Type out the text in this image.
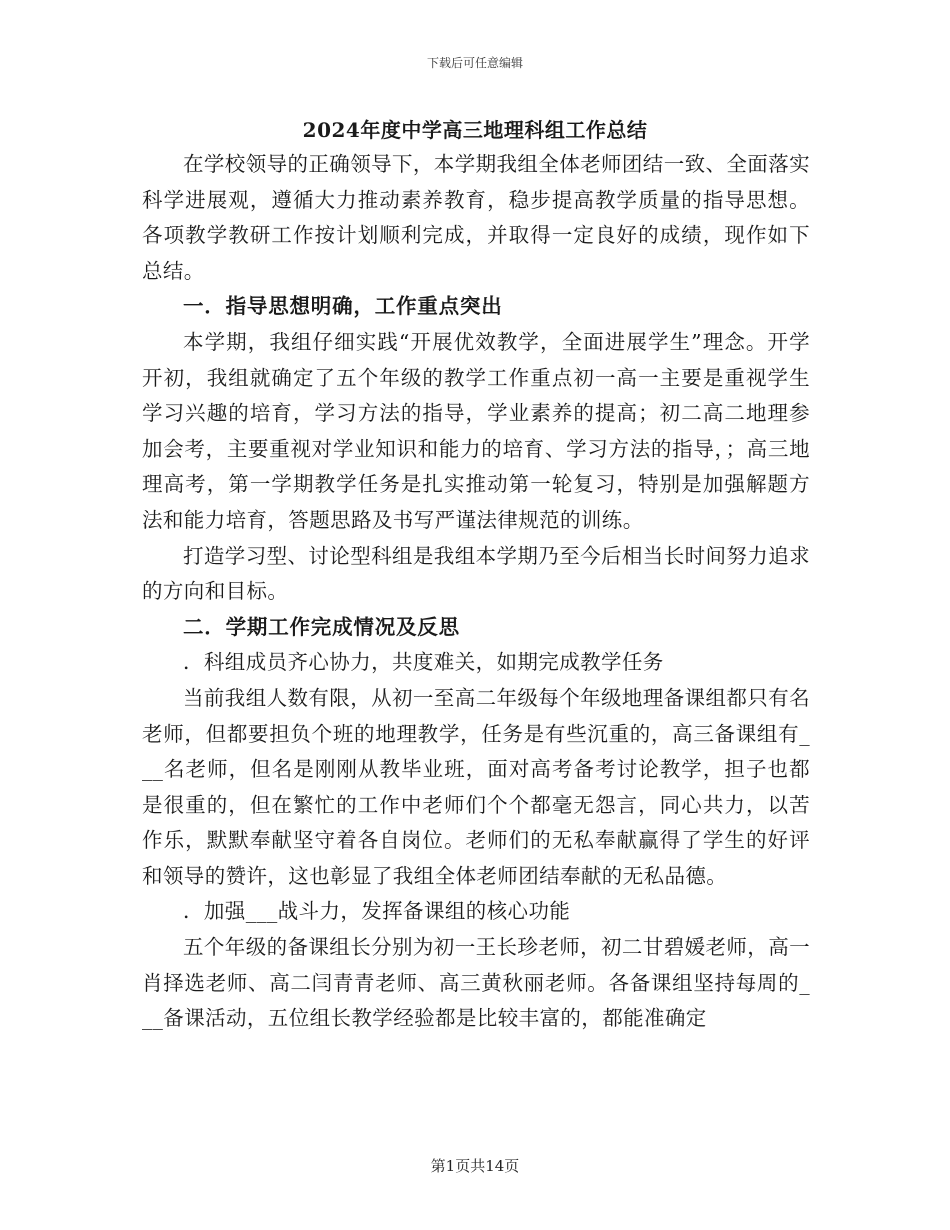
下载后可任意编辑
2024年度中学高三地理科组工作总结

在学校领导的正确领导下，本学期我组全体老师团结一致、全面落实科学进展观，遵循大力推动素养教育，稳步提高教学质量的指导思想。各项教学教研工作按计划顺利完成，并取得一定良好的成绩，现作如下总结。

一．指导思想明确，工作重点突出

本学期，我组仔细实践“开展优效教学，全面进展学生”理念。开学开初，我组就确定了五个年级的教学工作重点初一高一主要是重视学生学习兴趣的培育，学习方法的指导，学业素养的提高；初二高二地理参加会考，主要重视对学业知识和能力的培育、学习方法的指导，；高三地理高考，第一学期教学任务是扎实推动第一轮复习，特别是加强解题方法和能力培育，答题思路及书写严谨法律规范的训练。

打造学习型、讨论型科组是我组本学期乃至今后相当长时间努力追求的方向和目标。

二．学期工作完成情况及反思

．科组成员齐心协力，共度难关，如期完成教学任务

当前我组人数有限，从初一至高二年级每个年级地理备课组都只有名老师，但都要担负个班的地理教学，任务是有些沉重的，高三备课组有___名老师，但名是刚刚从教毕业班，面对高考备考讨论教学，担子也都是很重的，但在繁忙的工作中老师们个个都毫无怨言，同心共力，以苦作乐，默默奉献坚守着各自岗位。老师们的无私奉献赢得了学生的好评和领导的赞许，这也彰显了我组全体老师团结奉献的无私品德。

．加强___战斗力，发挥备课组的核心功能

五个年级的备课组长分别为初一王长珍老师，初二甘碧媛老师，高一肖择选老师、高二闫青青老师、高三黄秋丽老师。各备课组坚持每周的___备课活动，五位组长教学经验都是比较丰富的，都能准确定

第1页共14页
